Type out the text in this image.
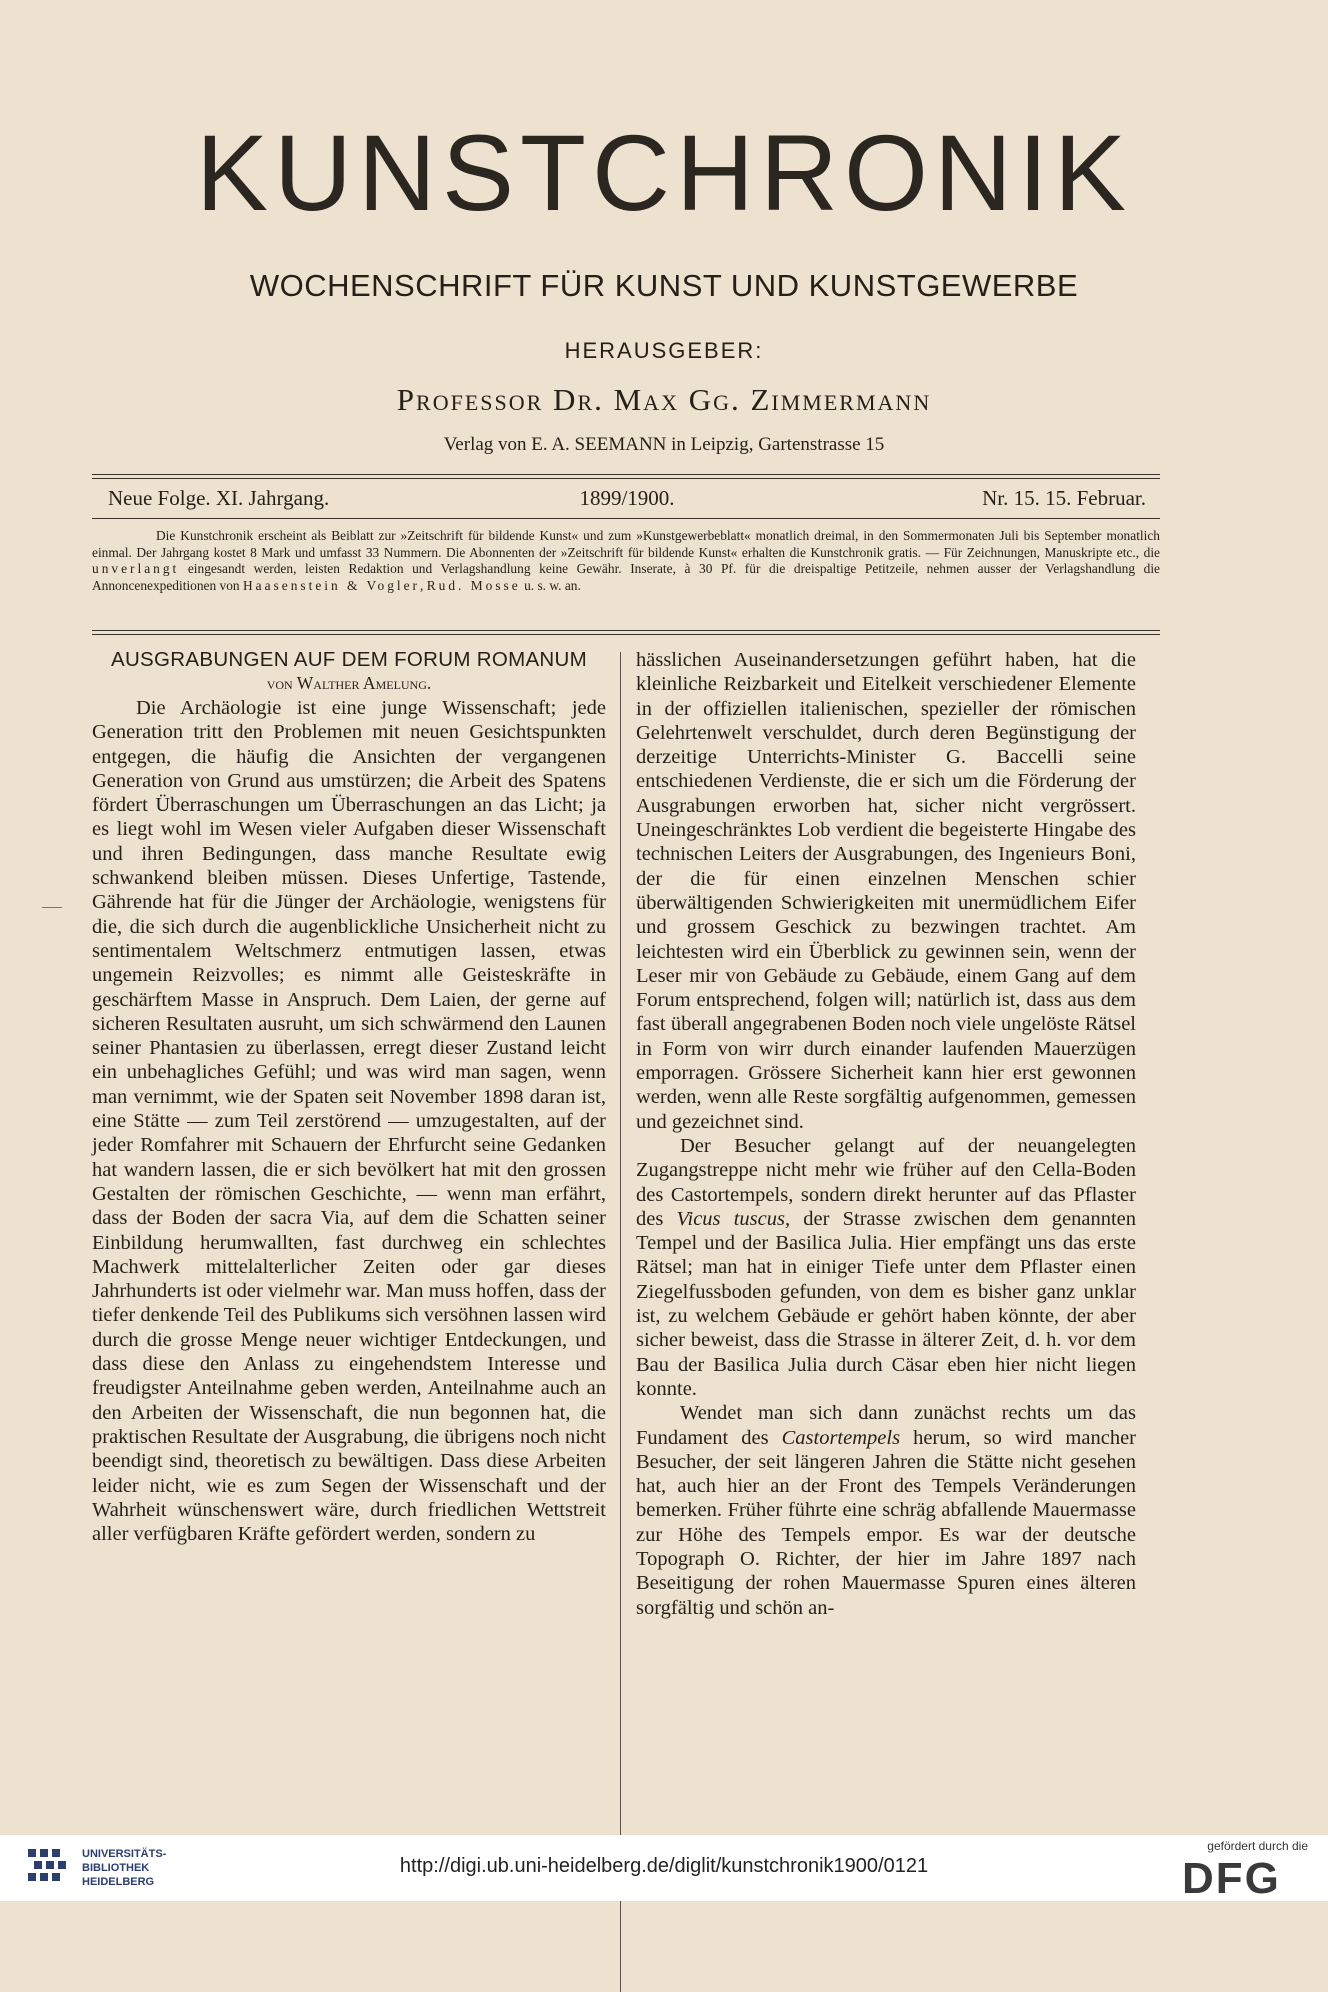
KUNSTCHRONIK
WOCHENSCHRIFT FÜR KUNST UND KUNSTGEWERBE
HERAUSGEBER:
Professor Dr. Max Gg. Zimmermann
Verlag von E. A. SEEMANN in Leipzig, Gartenstrasse 15
Neue Folge. XI. Jahrgang.	1899/1900.	Nr. 15. 15. Februar.
Die Kunstchronik erscheint als Beiblatt zur »Zeitschrift für bildende Kunst« und zum »Kunstgewerbeblatt« monatlich dreimal, in den Sommermonaten Juli bis September monatlich einmal. Der Jahrgang kostet 8 Mark und umfasst 33 Nummern. Die Abonnenten der »Zeitschrift für bildende Kunst« erhalten die Kunstchronik gratis. — Für Zeichnungen, Manuskripte etc., die unverlangt eingesandt werden, leisten Redaktion und Verlagshandlung keine Gewähr. Inserate, à 30 Pf. für die dreispaltige Petitzeile, nehmen ausser der Verlagshandlung die Annoncenexpeditionen von Haasenstein & Vogler, Rud. Mosse u. s. w. an.
AUSGRABUNGEN AUF DEM FORUM ROMANUM
von Walther Amelung.

Die Archäologie ist eine junge Wissenschaft; jede Generation tritt den Problemen mit neuen Gesichtspunkten entgegen, die häufig die Ansichten der vergangenen Generation von Grund aus umstürzen; die Arbeit des Spatens fördert Überraschungen um Überraschungen an das Licht; ja es liegt wohl im Wesen vieler Aufgaben dieser Wissenschaft und ihren Bedingungen, dass manche Resultate ewig schwankend bleiben müssen. Dieses Unfertige, Tastende, Gährende hat für die Jünger der Archäologie, wenigstens für die, die sich durch die augenblickliche Unsicherheit nicht zu sentimentalem Weltschmerz entmutigen lassen, etwas ungemein Reizvolles; es nimmt alle Geisteskräfte in geschärftem Masse in Anspruch. Dem Laien, der gerne auf sicheren Resultaten ausruht, um sich schwärmend den Launen seiner Phantasien zu überlassen, erregt dieser Zustand leicht ein unbehagliches Gefühl; und was wird man sagen, wenn man vernimmt, wie der Spaten seit November 1898 daran ist, eine Stätte — zum Teil zerstörend — umzugestalten, auf der jeder Romfahrer mit Schauern der Ehrfurcht seine Gedanken hat wandern lassen, die er sich bevölkert hat mit den grossen Gestalten der römischen Geschichte, — wenn man erfährt, dass der Boden der sacra Via, auf dem die Schatten seiner Einbildung herumwallten, fast durchweg ein schlechtes Machwerk mittelalterlicher Zeiten oder gar dieses Jahrhunderts ist oder vielmehr war. Man muss hoffen, dass der tiefer denkende Teil des Publikums sich versöhnen lassen wird durch die grosse Menge neuer wichtiger Entdeckungen, und dass diese den Anlass zu eingehendstem Interesse und freudigster Anteilnahme geben werden, Anteilnahme auch an den Arbeiten der Wissenschaft, die nun begonnen hat, die praktischen Resultate der Ausgrabung, die übrigens noch nicht beendigt sind, theoretisch zu bewältigen. Dass diese Arbeiten leider nicht, wie es zum Segen der Wissenschaft und der Wahrheit wünschenswert wäre, durch friedlichen Wettstreit aller verfügbaren Kräfte gefördert werden, sondern zu

hässlichen Auseinandersetzungen geführt haben, hat die kleinliche Reizbarkeit und Eitelkeit verschiedener Elemente in der offiziellen italienischen, spezieller der römischen Gelehrtenwelt verschuldet, durch deren Begünstigung der derzeitige Unterrichts-Minister G. Baccelli seine entschiedenen Verdienste, die er sich um die Förderung der Ausgrabungen erworben hat, sicher nicht vergrössert. Uneingeschränktes Lob verdient die begeisterte Hingabe des technischen Leiters der Ausgrabungen, des Ingenieurs Boni, der die für einen einzelnen Menschen schier überwältigenden Schwierigkeiten mit unermüdlichem Eifer und grossem Geschick zu bezwingen trachtet. Am leichtesten wird ein Überblick zu gewinnen sein, wenn der Leser mir von Gebäude zu Gebäude, einem Gang auf dem Forum entsprechend, folgen will; natürlich ist, dass aus dem fast überall angegrabenen Boden noch viele ungelöste Rätsel in Form von wirr durch einander laufenden Mauerzügen emporragen. Grössere Sicherheit kann hier erst gewonnen werden, wenn alle Reste sorgfältig aufgenommen, gemessen und gezeichnet sind.

Der Besucher gelangt auf der neuangelegten Zugangstreppe nicht mehr wie früher auf den Cella-Boden des Castortempels, sondern direkt herunter auf das Pflaster des Vicus tuscus, der Strasse zwischen dem genannten Tempel und der Basilica Julia. Hier empfängt uns das erste Rätsel; man hat in einiger Tiefe unter dem Pflaster einen Ziegelfussboden gefunden, von dem es bisher ganz unklar ist, zu welchem Gebäude er gehört haben könnte, der aber sicher beweist, dass die Strasse in älterer Zeit, d. h. vor dem Bau der Basilica Julia durch Cäsar eben hier nicht liegen konnte.

Wendet man sich dann zunächst rechts um das Fundament des Castortempels herum, so wird mancher Besucher, der seit längeren Jahren die Stätte nicht gesehen hat, auch hier an der Front des Tempels Veränderungen bemerken. Früher führte eine schräg abfallende Mauermasse zur Höhe des Tempels empor. Es war der deutsche Topograph O. Richter, der hier im Jahre 1897 nach Beseitigung der rohen Mauermasse Spuren eines älteren sorgfältig und schön an-

UNIVERSITÄTS-
BIBLIOTHEK
HEIDELBERG
http://digi.ub.uni-heidelberg.de/diglit/kunstchronik1900/0121
gefördert durch die
DFG
